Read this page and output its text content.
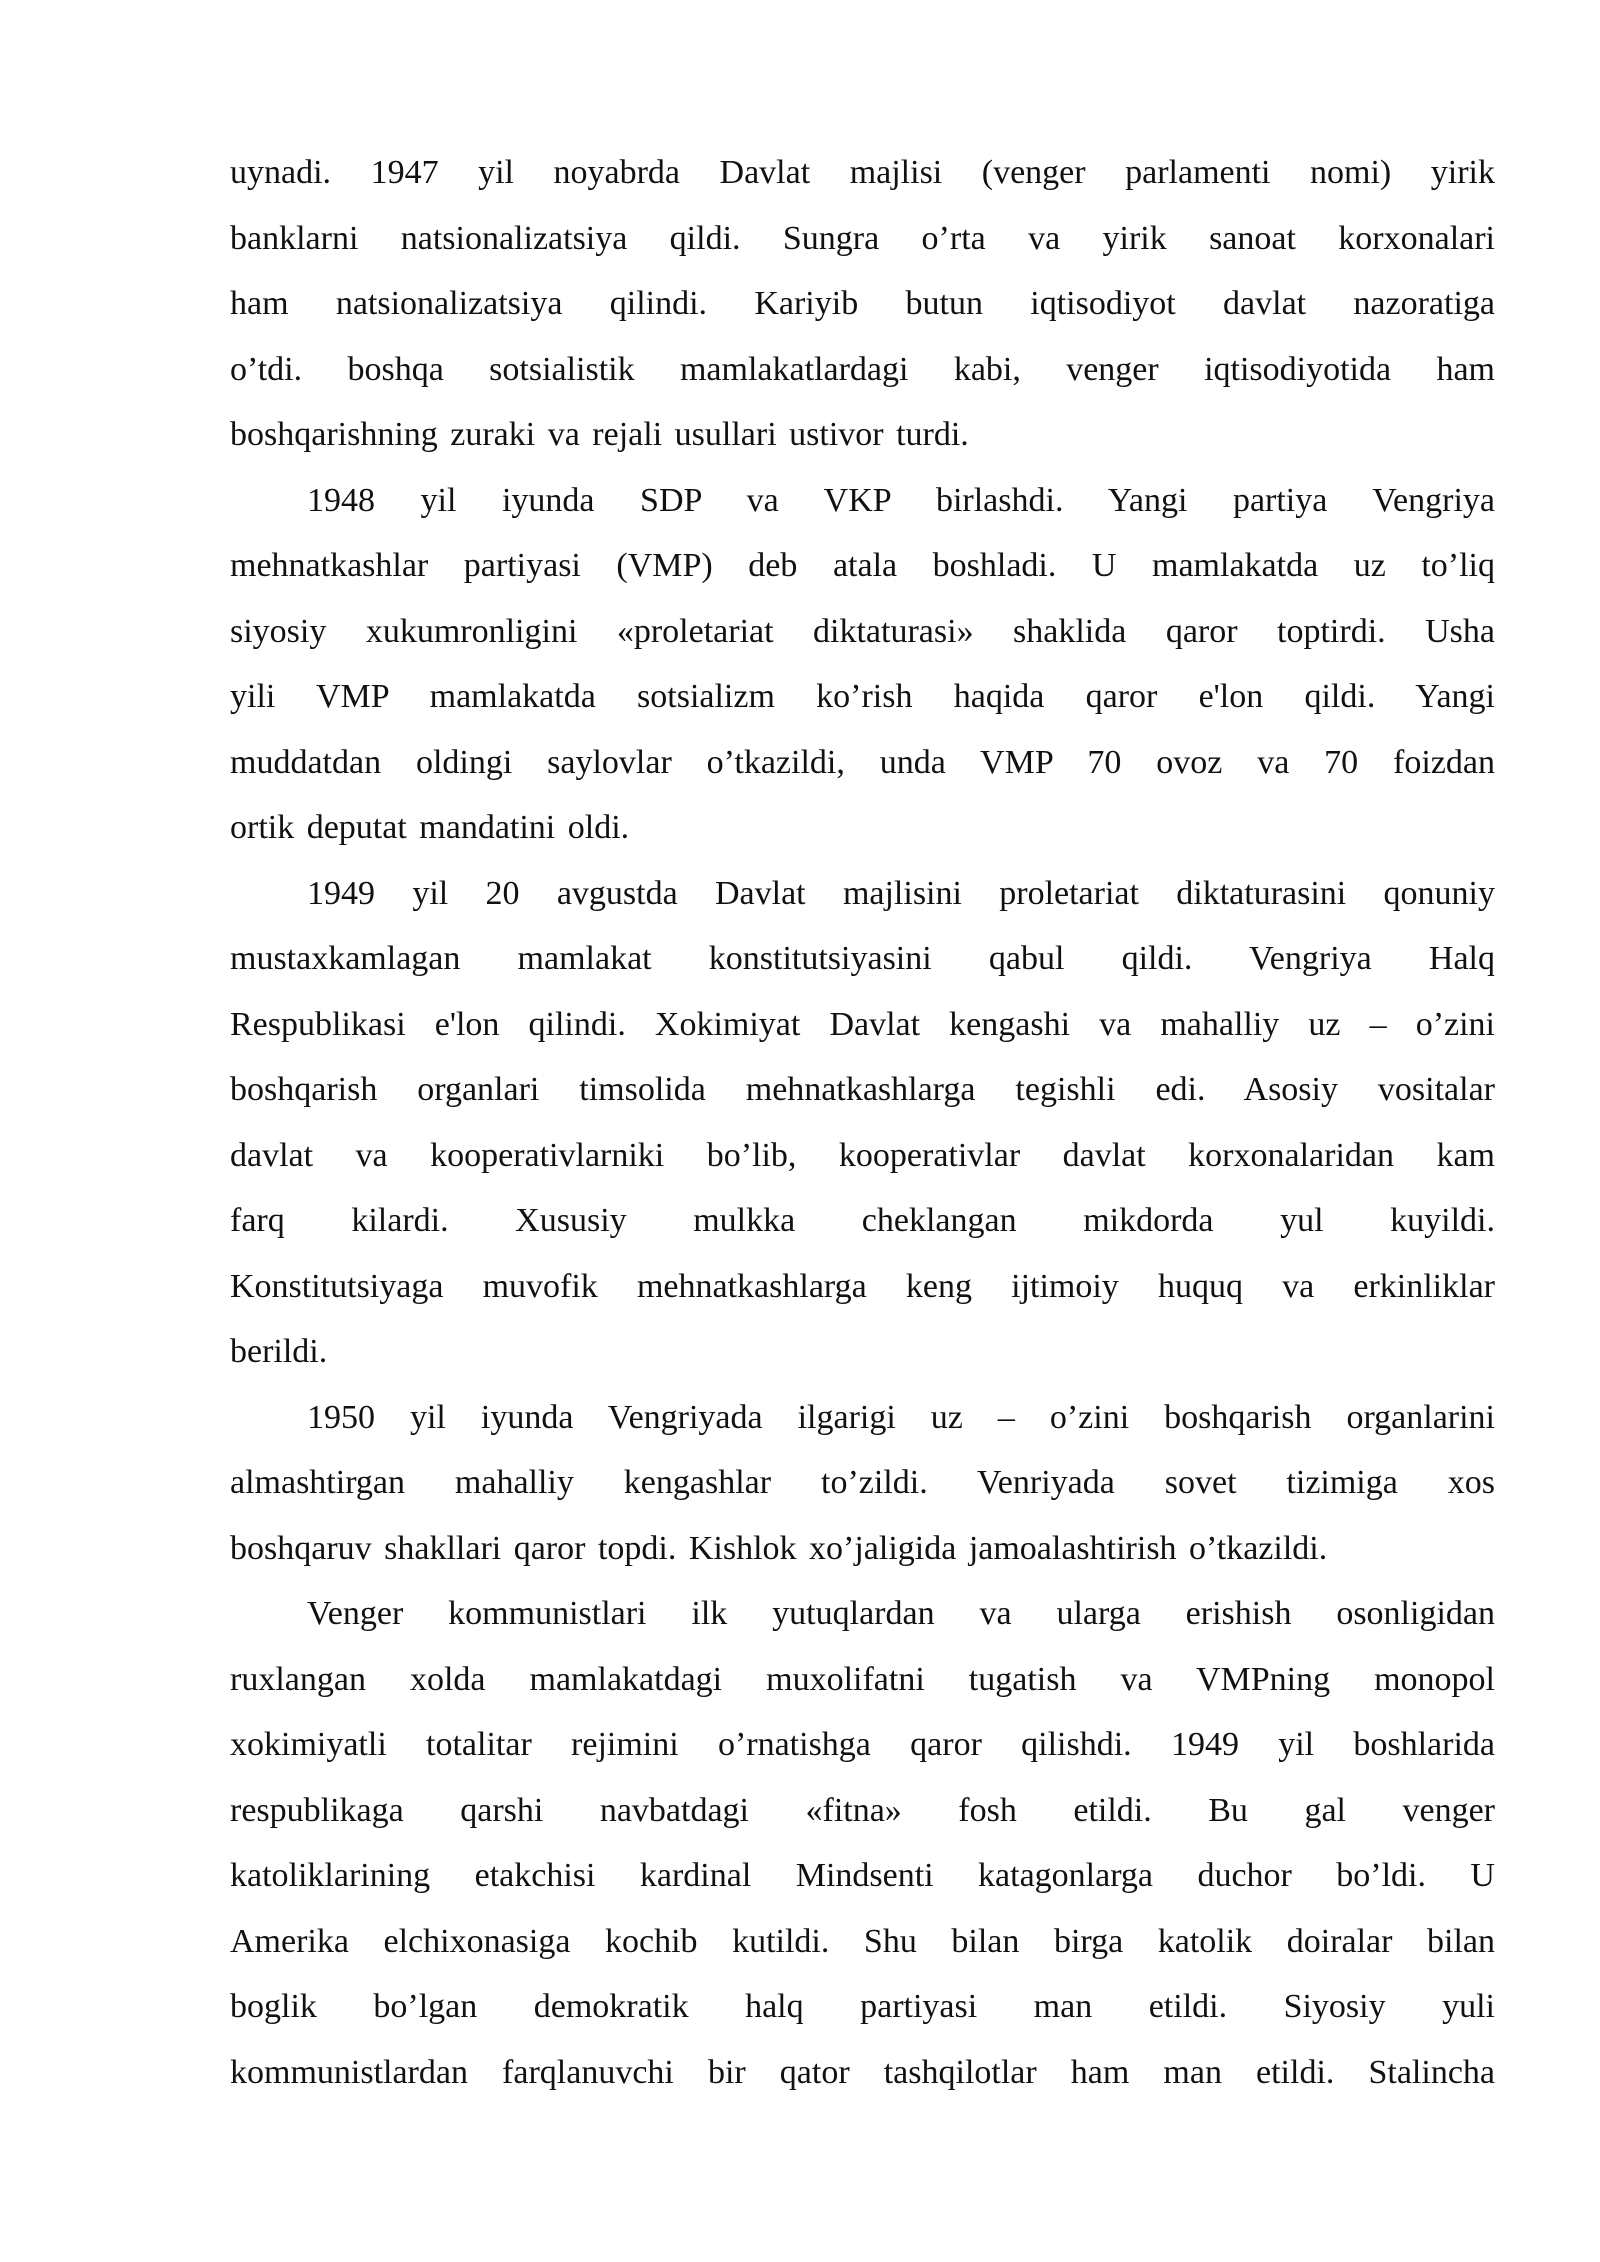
uynadi. 1947 yil noyabrda Davlat majlisi (venger parlamenti nomi) yirik
banklarni natsionalizatsiya qildi. Sungra o’rta va yirik sanoat korxonalari
ham natsionalizatsiya qilindi. Kariyib butun iqtisodiyot davlat nazoratiga
o’tdi. boshqa sotsialistik mamlakatlardagi kabi, venger iqtisodiyotida ham
boshqarishning zuraki va rejali usullari ustivor turdi.
1948 yil iyunda SDP va VKP birlashdi. Yangi partiya Vengriya
mehnatkashlar partiyasi (VMP) deb atala boshladi. U mamlakatda uz to’liq
siyosiy xukumronligini «proletariat diktaturasi» shaklida qaror toptirdi. Usha
yili VMP mamlakatda sotsializm ko’rish haqida qaror e'lon qildi. Yangi
muddatdan oldingi saylovlar o’tkazildi, unda VMP 70 ovoz va 70 foizdan
ortik deputat mandatini oldi.
1949 yil 20 avgustda Davlat majlisini proletariat diktaturasini qonuniy
mustaxkamlagan mamlakat konstitutsiyasini qabul qildi. Vengriya Halq
Respublikasi e'lon qilindi. Xokimiyat Davlat kengashi va mahalliy uz – o’zini
boshqarish organlari timsolida mehnatkashlarga tegishli edi. Asosiy vositalar
davlat va kooperativlarniki bo’lib, kooperativlar davlat korxonalaridan kam
farq kilardi. Xususiy mulkka cheklangan mikdorda yul kuyildi.
Konstitutsiyaga muvofik mehnatkashlarga keng ijtimoiy huquq va erkinliklar
berildi.
1950 yil iyunda Vengriyada ilgarigi uz – o’zini boshqarish organlarini
almashtirgan mahalliy kengashlar to’zildi. Venriyada sovet tizimiga xos
boshqaruv shakllari qaror topdi. Kishlok xo’jaligida jamoalashtirish o’tkazildi.
Venger kommunistlari ilk yutuqlardan va ularga erishish osonligidan
ruxlangan xolda mamlakatdagi muxolifatni tugatish va VMPning monopol
xokimiyatli totalitar rejimini o’rnatishga qaror qilishdi. 1949 yil boshlarida
respublikaga qarshi navbatdagi «fitna» fosh etildi. Bu gal venger
katoliklarining etakchisi kardinal Mindsenti katagonlarga duchor bo’ldi. U
Amerika elchixonasiga kochib kutildi. Shu bilan birga katolik doiralar bilan
boglik bo’lgan demokratik halq partiyasi man etildi. Siyosiy yuli
kommunistlardan farqlanuvchi bir qator tashqilotlar ham man etildi. Stalincha
